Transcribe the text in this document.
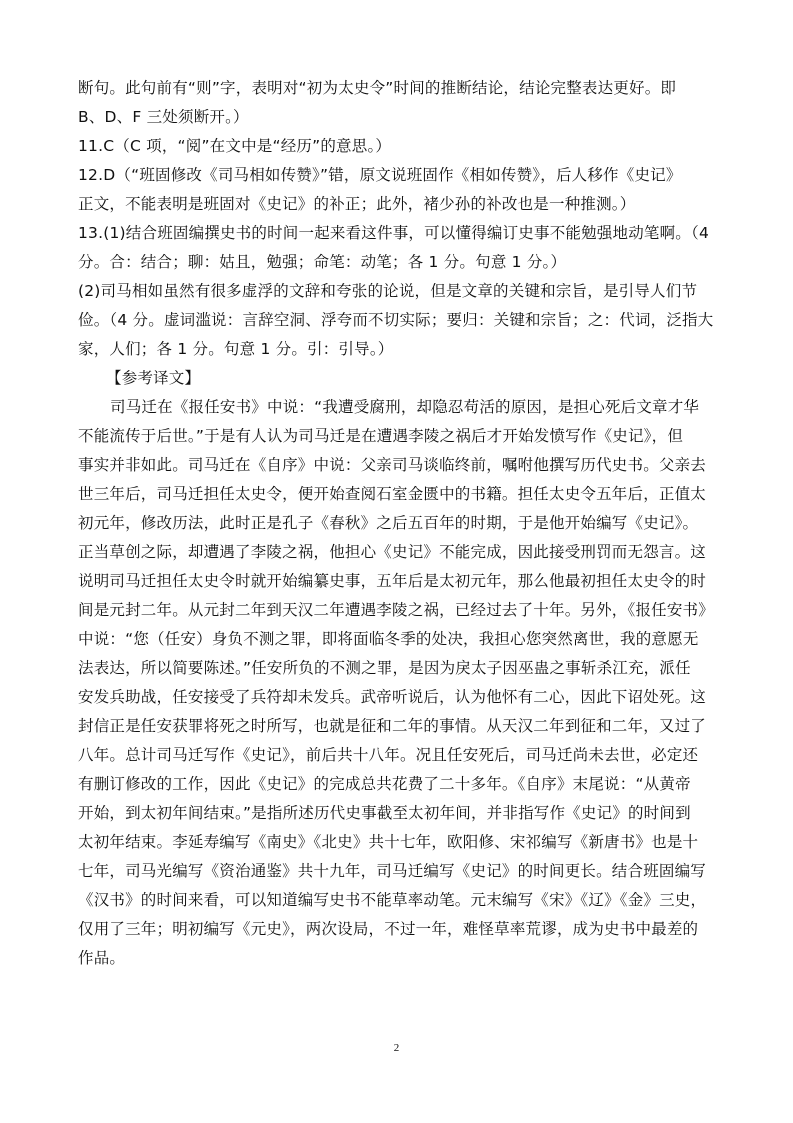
断句。此句前有“则”字，表明对“初为太史令”时间的推断结论，结论完整表达更好。即
B、D、F 三处须断开。）
11.C（C 项，“阅”在文中是“经历”的意思。）
12.D（“班固修改《司马相如传赞》”错，原文说班固作《相如传赞》，后人移作《史记》
正文，不能表明是班固对《史记》的补正；此外，褚少孙的补改也是一种推测。）
13.(1)结合班固编撰史书的时间一起来看这件事，可以懂得编订史事不能勉强地动笔啊。（4
分。合：结合；聊：姑且，勉强；命笔：动笔；各 1 分。句意 1 分。）
(2)司马相如虽然有很多虚浮的文辞和夸张的论说，但是文章的关键和宗旨，是引导人们节
俭。（4 分。虚词滥说：言辞空洞、浮夸而不切实际；要归：关键和宗旨；之：代词，泛指大
家，人们；各 1 分。句意 1 分。引：引导。）
【参考译文】
司马迁在《报任安书》中说：“我遭受腐刑，却隐忍苟活的原因，是担心死后文章才华
不能流传于后世。”于是有人认为司马迁是在遭遇李陵之祸后才开始发愤写作《史记》，但
事实并非如此。司马迁在《自序》中说：父亲司马谈临终前，嘱咐他撰写历代史书。父亲去
世三年后，司马迁担任太史令，便开始查阅石室金匮中的书籍。担任太史令五年后，正值太
初元年，修改历法，此时正是孔子《春秋》之后五百年的时期，于是他开始编写《史记》。
正当草创之际，却遭遇了李陵之祸，他担心《史记》不能完成，因此接受刑罚而无怨言。这
说明司马迁担任太史令时就开始编纂史事，五年后是太初元年，那么他最初担任太史令的时
间是元封二年。从元封二年到天汉二年遭遇李陵之祸，已经过去了十年。另外，《报任安书》
中说：“您（任安）身负不测之罪，即将面临冬季的处决，我担心您突然离世，我的意愿无
法表达，所以简要陈述。”任安所负的不测之罪，是因为戾太子因巫蛊之事斩杀江充，派任
安发兵助战，任安接受了兵符却未发兵。武帝听说后，认为他怀有二心，因此下诏处死。这
封信正是任安获罪将死之时所写，也就是征和二年的事情。从天汉二年到征和二年，又过了
八年。总计司马迁写作《史记》，前后共十八年。况且任安死后，司马迁尚未去世，必定还
有删订修改的工作，因此《史记》的完成总共花费了二十多年。《自序》末尾说：“从黄帝
开始，到太初年间结束。”是指所述历代史事截至太初年间，并非指写作《史记》的时间到
太初年结束。李延寿编写《南史》《北史》共十七年，欧阳修、宋祁编写《新唐书》也是十
七年，司马光编写《资治通鉴》共十九年，司马迁编写《史记》的时间更长。结合班固编写
《汉书》的时间来看，可以知道编写史书不能草率动笔。元末编写《宋》《辽》《金》三史，
仅用了三年；明初编写《元史》，两次设局，不过一年，难怪草率荒谬，成为史书中最差的
作品。
2
